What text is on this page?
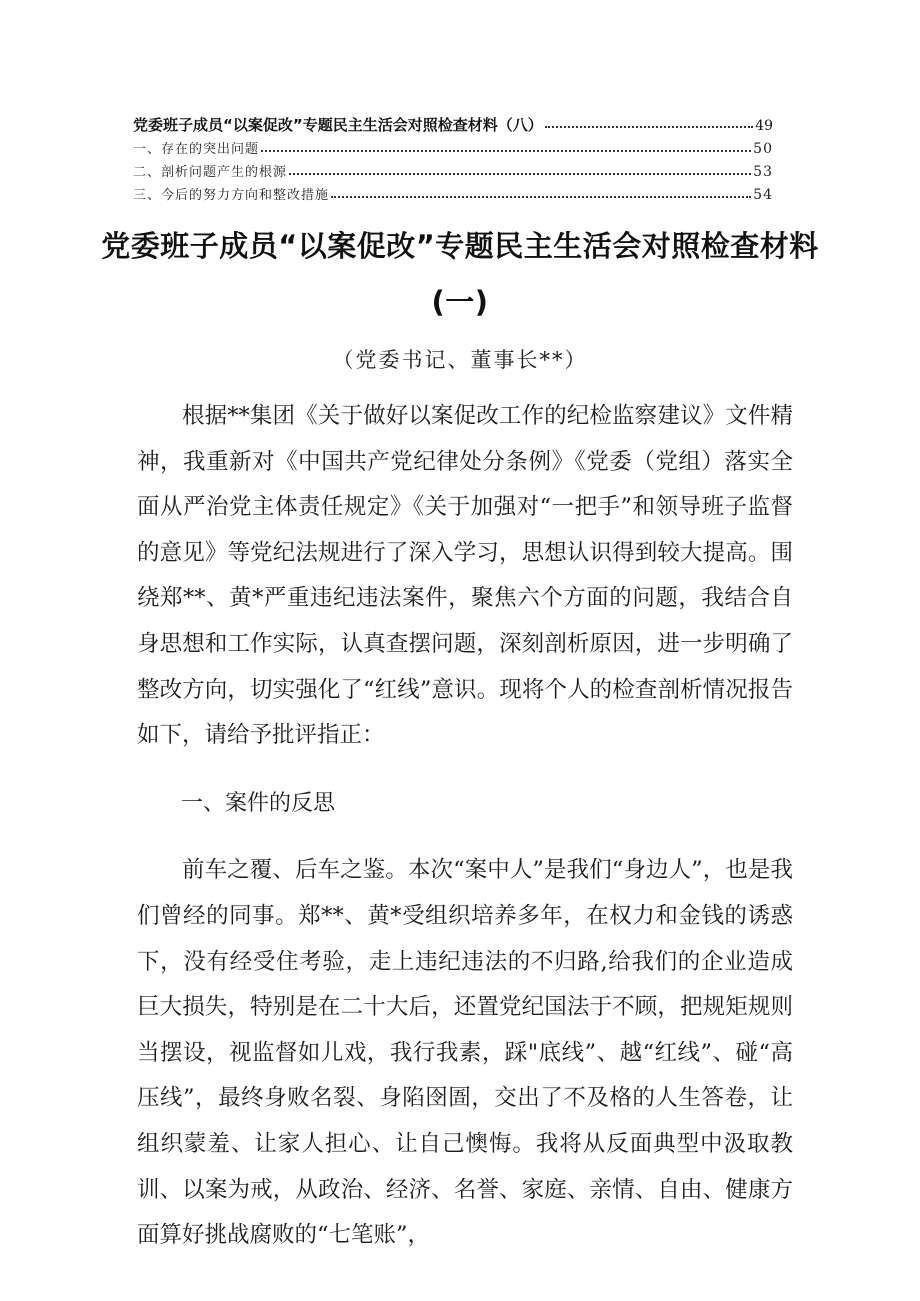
党委班子成员“以案促改”专题民主生活会对照检查材料（八）	49
一、存在的突出问题	50
二、剖析问题产生的根源	53
三、今后的努力方向和整改措施	54
党委班子成员“以案促改”专题民主生活会对照检查材料
(一)
（党委书记、董事长**）

根据**集团《关于做好以案促改工作的纪检监察建议》文件精神，我重新对《中国共产党纪律处分条例》《党委（党组）落实全面从严治党主体责任规定》《关于加强对“一把手”和领导班子监督的意见》等党纪法规进行了深入学习，思想认识得到较大提高。围绕郑**、黄*严重违纪违法案件，聚焦六个方面的问题，我结合自身思想和工作实际，认真查摆问题，深刻剖析原因，进一步明确了整改方向，切实强化了“红线”意识。现将个人的检查剖析情况报告如下，请给予批评指正：

一、案件的反思

前车之覆、后车之鉴。本次“案中人”是我们“身边人”，也是我们曾经的同事。郑**、黄*受组织培养多年，在权力和金钱的诱惑下，没有经受住考验，走上违纪违法的不归路,给我们的企业造成巨大损失，特别是在二十大后，还置党纪国法于不顾，把规矩规则当摆设，视监督如儿戏，我行我素，踩"底线”、越“红线”、碰“高压线”，最终身败名裂、身陷囹圄，交出了不及格的人生答卷，让组织蒙羞、让家人担心、让自己懊悔。我将从反面典型中汲取教训、以案为戒，从政治、经济、名誉、家庭、亲情、自由、健康方面算好挑战腐败的“七笔账”，
